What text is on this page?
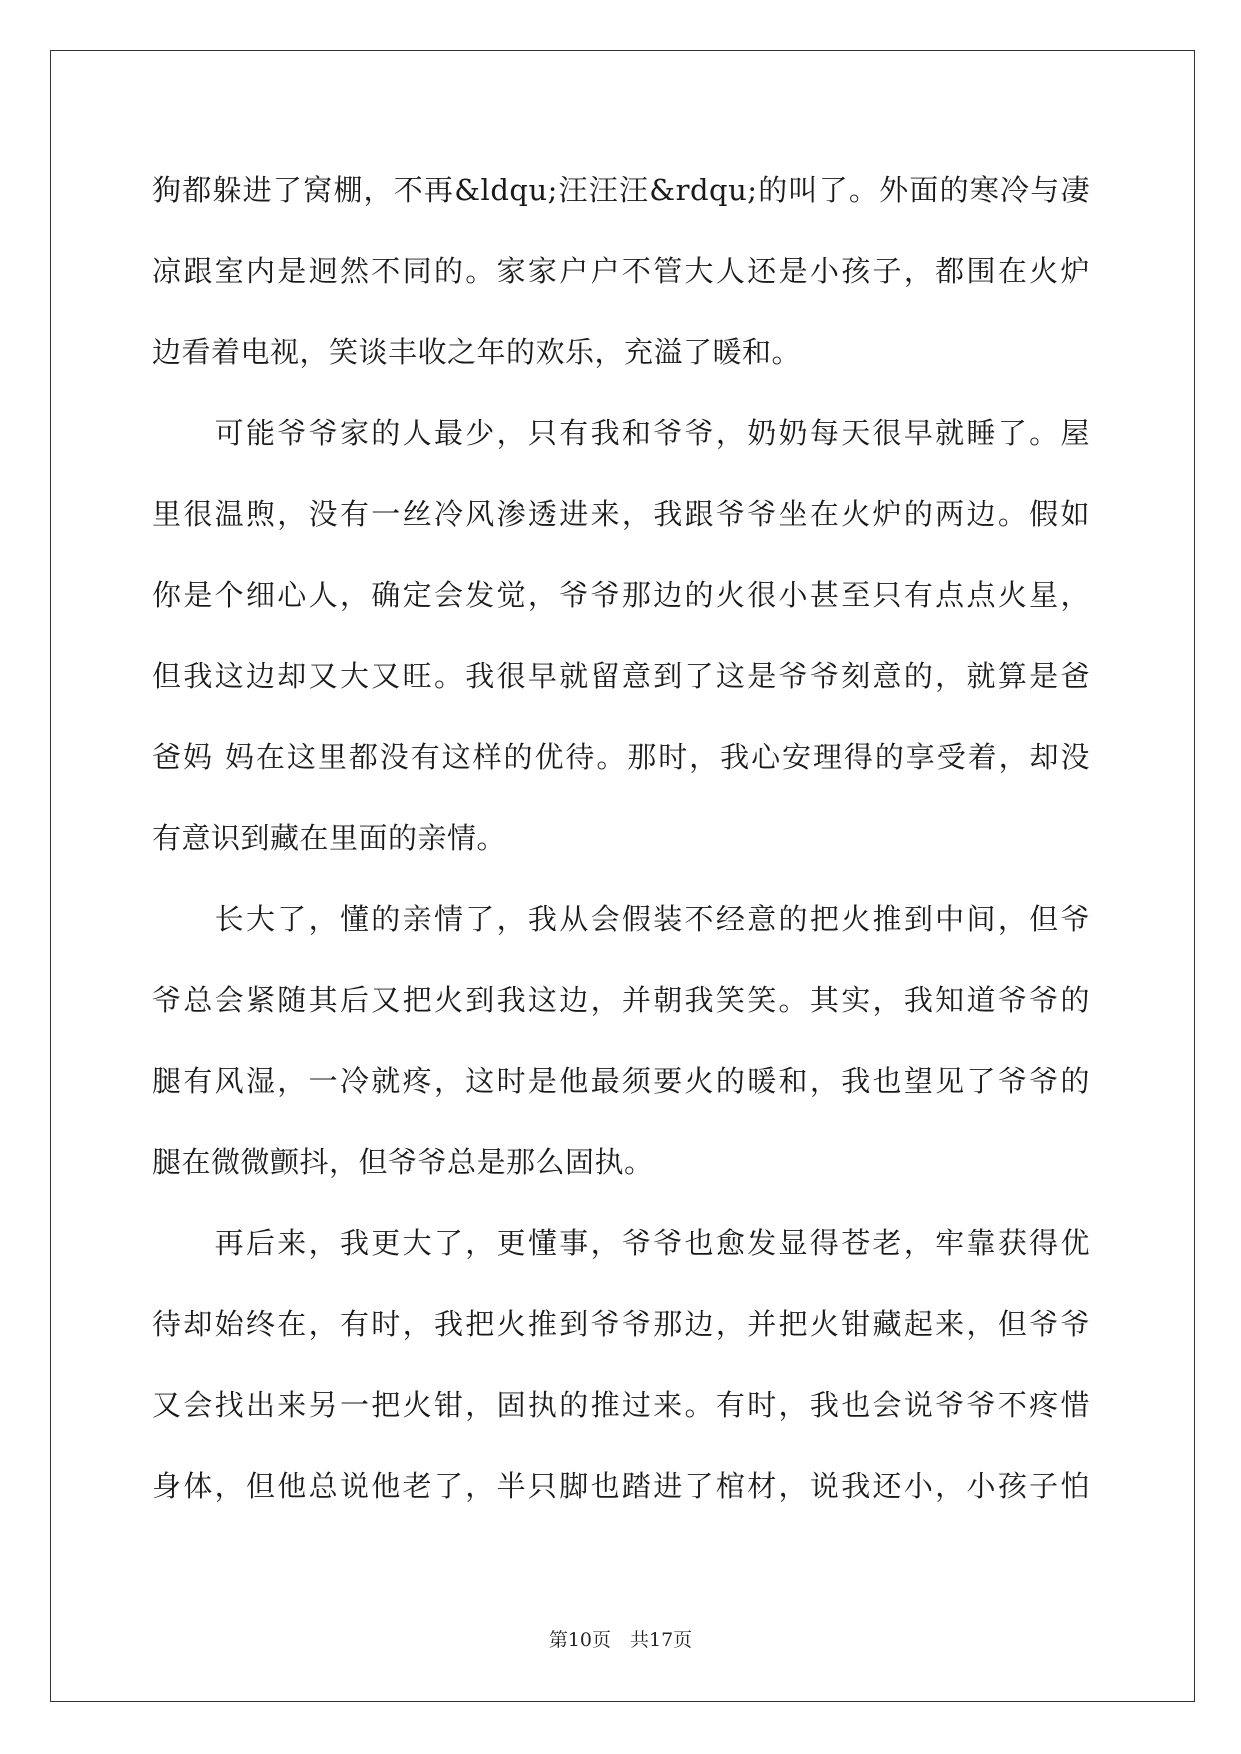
狗都躲进了窝棚，不再&ldqu;汪汪汪&rdqu;的叫了。外面的寒冷与凄
凉跟室内是迥然不同的。家家户户不管大人还是小孩子，都围在火炉
边看着电视，笑谈丰收之年的欢乐，充溢了暖和。
　　可能爷爷家的人最少，只有我和爷爷，奶奶每天很早就睡了。屋
里很温煦，没有一丝冷风渗透进来，我跟爷爷坐在火炉的两边。假如
你是个细心人，确定会发觉，爷爷那边的火很小甚至只有点点火星，
但我这边却又大又旺。我很早就留意到了这是爷爷刻意的，就算是爸
爸妈 妈在这里都没有这样的优待。那时，我心安理得的享受着，却没
有意识到藏在里面的亲情。
　　长大了，懂的亲情了，我从会假装不经意的把火推到中间，但爷
爷总会紧随其后又把火到我这边，并朝我笑笑。其实，我知道爷爷的
腿有风湿，一冷就疼，这时是他最须要火的暖和，我也望见了爷爷的
腿在微微颤抖，但爷爷总是那么固执。
　　再后来，我更大了，更懂事，爷爷也愈发显得苍老，牢靠获得优
待却始终在，有时，我把火推到爷爷那边，并把火钳藏起来，但爷爷
又会找出来另一把火钳，固执的推过来。有时，我也会说爷爷不疼惜
身体，但他总说他老了，半只脚也踏进了棺材，说我还小，小孩子怕
第10页　共17页
